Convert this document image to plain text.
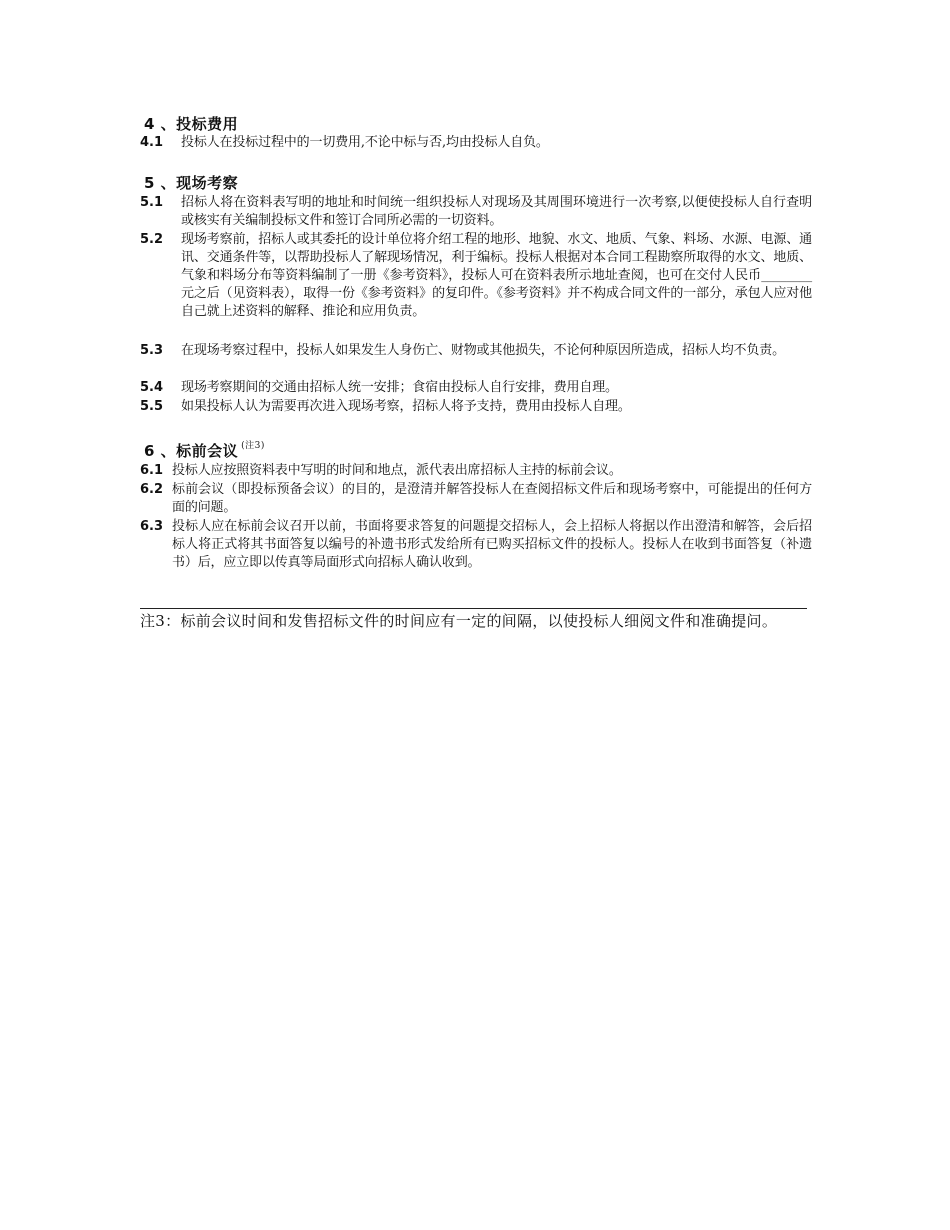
4 、投标费用
4.1 投标人在投标过程中的一切费用,不论中标与否,均由投标人自负。
5 、现场考察
5.1 招标人将在资料表写明的地址和时间统一组织投标人对现场及其周围环境进行一次考察,以便使投标人自行查明或核实有关编制投标文件和签订合同所必需的一切资料。
5.2 现场考察前，招标人或其委托的设计单位将介绍工程的地形、地貌、水文、地质、气象、料场、水源、电源、通讯、交通条件等，以帮助投标人了解现场情况，利于编标。投标人根据对本合同工程勘察所取得的水文、地质、气象和料场分布等资料编制了一册《参考资料》，投标人可在资料表所示地址查阅，也可在交付人民币________元之后（见资料表），取得一份《参考资料》的复印件。《参考资料》并不构成合同文件的一部分，承包人应对他自己就上述资料的解释、推论和应用负责。
5.3 在现场考察过程中，投标人如果发生人身伤亡、财物或其他损失，不论何种原因所造成，招标人均不负责。
5.4 现场考察期间的交通由招标人统一安排；食宿由投标人自行安排，费用自理。
5.5 如果投标人认为需要再次进入现场考察，招标人将予支持，费用由投标人自理。
6 、标前会议 $^{(注3)}$
6.1 投标人应按照资料表中写明的时间和地点，派代表出席招标人主持的标前会议。
6.2 标前会议（即投标预备会议）的目的，是澄清并解答投标人在查阅招标文件后和现场考察中，可能提出的任何方面的问题。
6.3 投标人应在标前会议召开以前，书面将要求答复的问题提交招标人，会上招标人将据以作出澄清和解答，会后招标人将正式将其书面答复以编号的补遗书形式发给所有已购买招标文件的投标人。投标人在收到书面答复（补遗书）后，应立即以传真等局面形式向招标人确认收到。
注3：标前会议时间和发售招标文件的时间应有一定的间隔，以使投标人细阅文件和准确提问。
